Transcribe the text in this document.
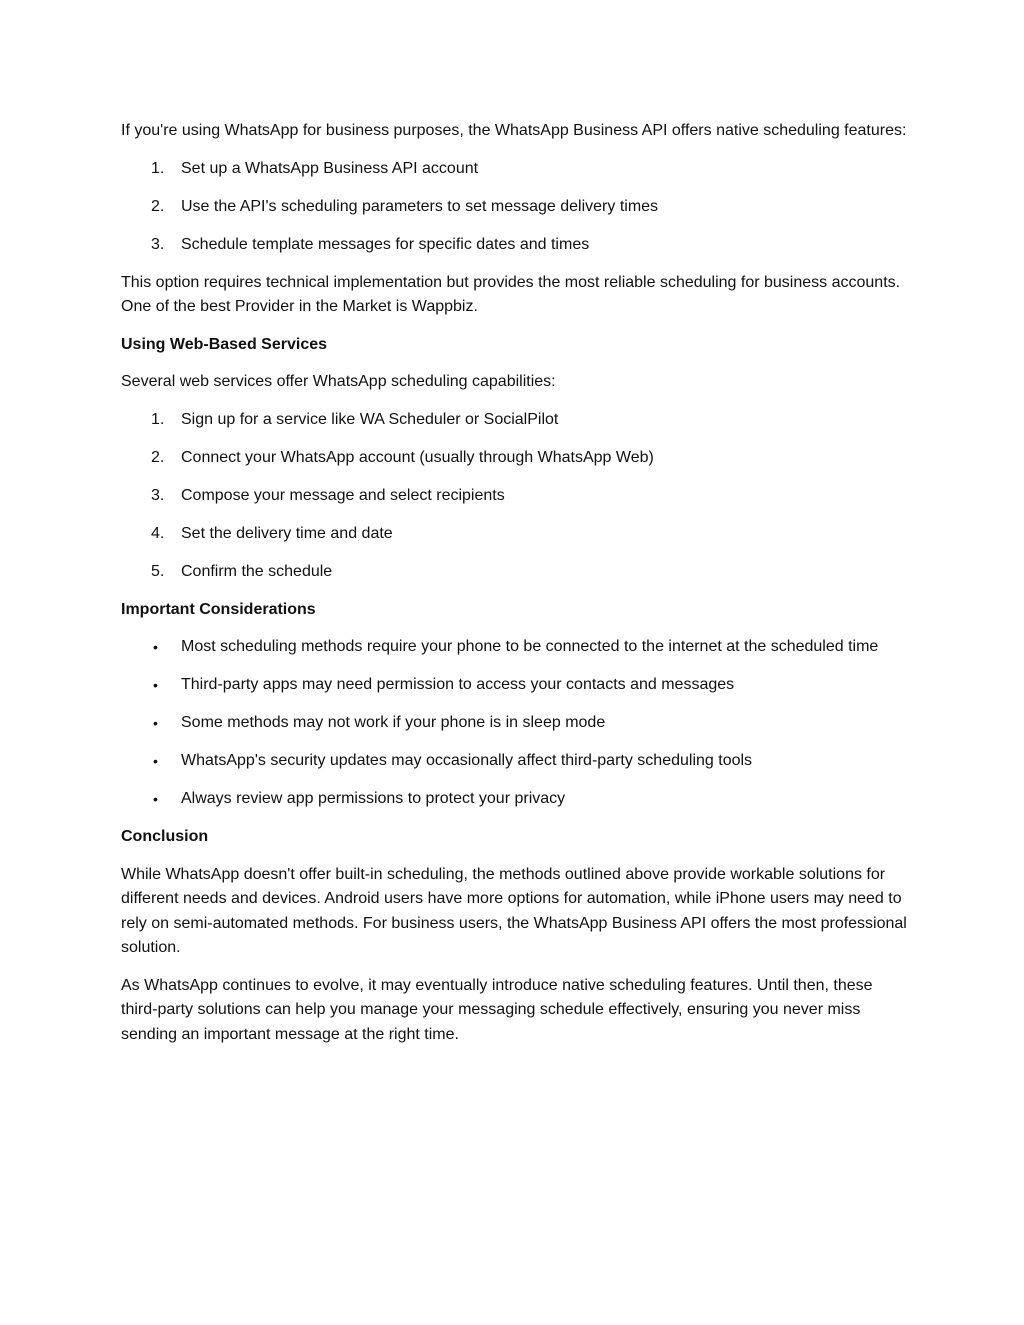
If you're using WhatsApp for business purposes, the WhatsApp Business API offers native scheduling features:

1.	Set up a WhatsApp Business API account
2.	Use the API's scheduling parameters to set message delivery times
3.	Schedule template messages for specific dates and times

This option requires technical implementation but provides the most reliable scheduling for business accounts. One of the best Provider in the Market is Wappbiz.

Using Web-Based Services

Several web services offer WhatsApp scheduling capabilities:

1.	Sign up for a service like WA Scheduler or SocialPilot
2.	Connect your WhatsApp account (usually through WhatsApp Web)
3.	Compose your message and select recipients
4.	Set the delivery time and date
5.	Confirm the schedule

Important Considerations

•	Most scheduling methods require your phone to be connected to the internet at the scheduled time
•	Third-party apps may need permission to access your contacts and messages
•	Some methods may not work if your phone is in sleep mode
•	WhatsApp's security updates may occasionally affect third-party scheduling tools
•	Always review app permissions to protect your privacy

Conclusion

While WhatsApp doesn't offer built-in scheduling, the methods outlined above provide workable solutions for different needs and devices. Android users have more options for automation, while iPhone users may need to rely on semi-automated methods. For business users, the WhatsApp Business API offers the most professional solution.

As WhatsApp continues to evolve, it may eventually introduce native scheduling features. Until then, these third-party solutions can help you manage your messaging schedule effectively, ensuring you never miss sending an important message at the right time.
